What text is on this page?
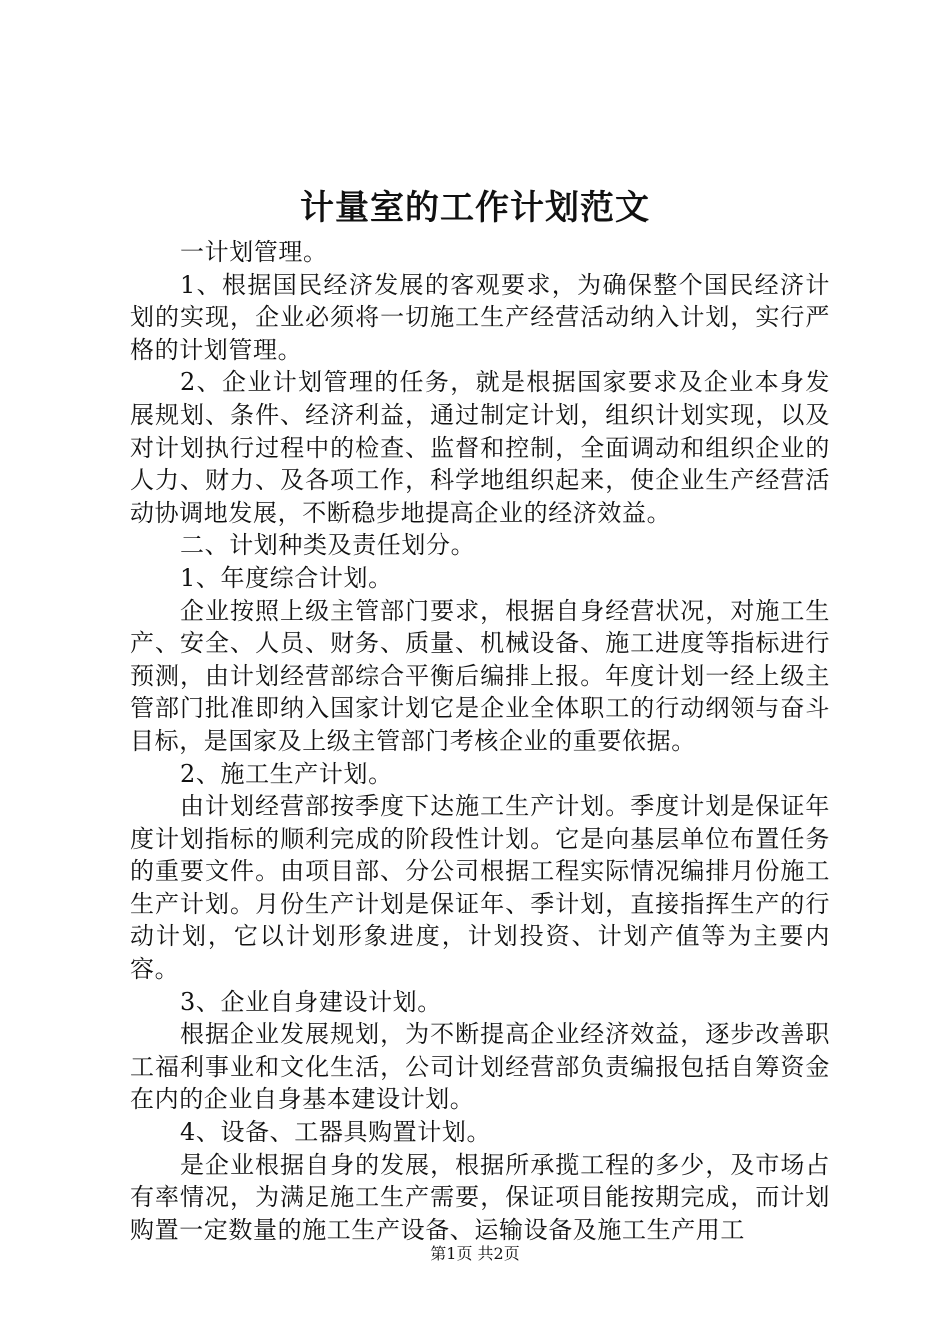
计量室的工作计划范文

一计划管理。

1、根据国民经济发展的客观要求，为确保整个国民经济计划的实现，企业必须将一切施工生产经营活动纳入计划，实行严格的计划管理。

2、企业计划管理的任务，就是根据国家要求及企业本身发展规划、条件、经济利益，通过制定计划，组织计划实现，以及对计划执行过程中的检查、监督和控制，全面调动和组织企业的人力、财力、及各项工作，科学地组织起来，使企业生产经营活动协调地发展，不断稳步地提高企业的经济效益。

二、计划种类及责任划分。

1、年度综合计划。

企业按照上级主管部门要求，根据自身经营状况，对施工生产、安全、人员、财务、质量、机械设备、施工进度等指标进行预测，由计划经营部综合平衡后编排上报。年度计划一经上级主管部门批准即纳入国家计划它是企业全体职工的行动纲领与奋斗目标，是国家及上级主管部门考核企业的重要依据。

2、施工生产计划。

由计划经营部按季度下达施工生产计划。季度计划是保证年度计划指标的顺利完成的阶段性计划。它是向基层单位布置任务的重要文件。由项目部、分公司根据工程实际情况编排月份施工生产计划。月份生产计划是保证年、季计划，直接指挥生产的行动计划，它以计划形象进度，计划投资、计划产值等为主要内容。

3、企业自身建设计划。

根据企业发展规划，为不断提高企业经济效益，逐步改善职工福利事业和文化生活，公司计划经营部负责编报包括自筹资金在内的企业自身基本建设计划。

4、设备、工器具购置计划。

是企业根据自身的发展，根据所承揽工程的多少，及市场占有率情况，为满足施工生产需要，保证项目能按期完成，而计划购置一定数量的施工生产设备、运输设备及施工生产用工

第1页 共2页
